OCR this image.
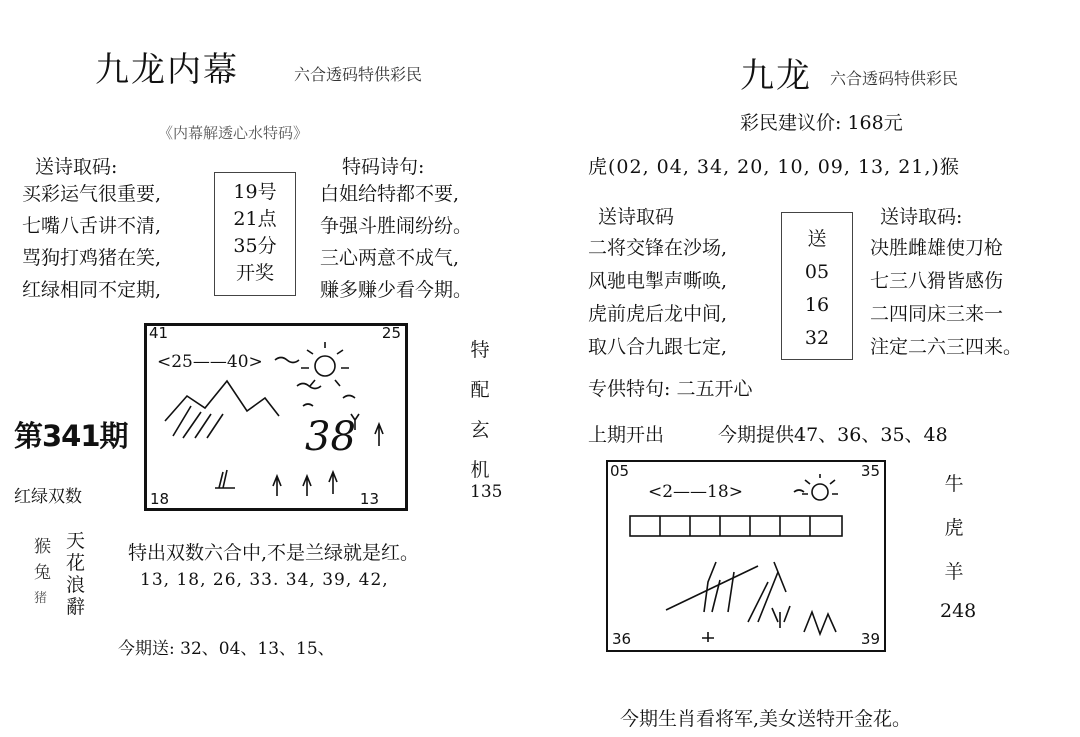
九龙内幕	六合透码特供彩民
《内幕解透心水特码》
送诗取码:
买彩运气很重要,
七嘴八舌讲不清,
骂狗打鸡猪在笑,
红绿相同不定期,
19号
21点
35分
开奖
特码诗句:
白姐给特都不要,
争强斗胜闹纷纷。
三心两意不成气,
赚多赚少看今期。
第341期
红绿双数
41	25
18	13
<25——40>
38
特
配
玄
机
135
猴
兔
猪
天
花
浪
辭
特出双数六合中,不是兰绿就是红。
13, 18, 26, 33. 34, 39, 42,
今期送: 32、04、13、15、
九龙 六合透码特供彩民
彩民建议价: 168元
虎(02, 04, 34, 20, 10, 09, 13, 21,)猴
送诗取码
二将交锋在沙场,
风驰电掣声嘶唤,
虎前虎后龙中间,
取八合九跟七定,
送
05
16
32
送诗取码:
决胜雌雄使刀枪
七三八猾皆感伤
二四同床三来一
注定二六三四来。
专供特句: 二五开心
上期开出	今期提供47、36、35、48
05	35
36	39
<2——18>	牛
虎
羊
248
今期生肖看将军,美女送特开金花。
